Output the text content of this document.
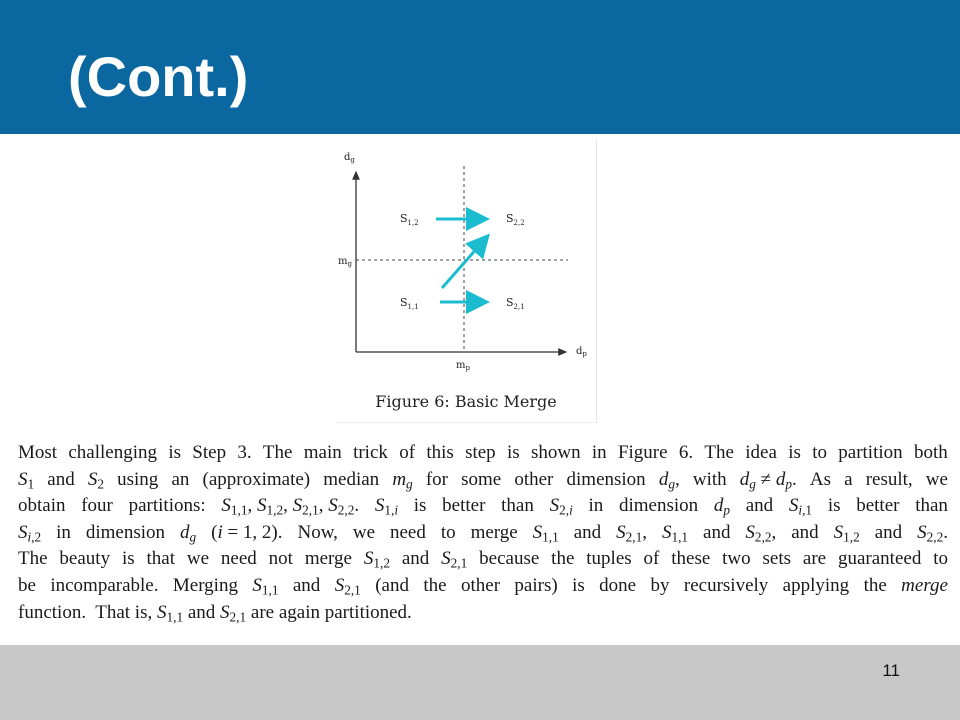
(Cont.)
$d_g$
$d_p$
$m_g$
$m_p$
$S_{1,2}$	$S_{2,2}$
$S_{1,1}$	$S_{2,1}$
Figure 6: Basic Merge
Most challenging is Step 3. The main trick of this step is shown in Figure 6. The idea is to partition both
$S_1$ and $S_2$ using an (approximate) median $m_g$ for some other dimension $d_g$, with $d_g \ne d_p$. As a result, we
obtain four partitions: $S_{1,1}$, $S_{1,2}$, $S_{2,1}$, $S_{2,2}$. $S_{1,i}$ is better than $S_{2,i}$ in dimension $d_p$ and $S_{i,1}$ is better than
$S_{i,2}$ in dimension $d_g$ (i = 1, 2). Now, we need to merge $S_{1,1}$ and $S_{2,1}$, $S_{1,1}$ and $S_{2,2}$, and $S_{1,2}$ and $S_{2,2}$.
The beauty is that we need not merge $S_{1,2}$ and $S_{2,1}$ because the tuples of these two sets are guaranteed to
be incomparable. Merging $S_{1,1}$ and $S_{2,1}$ (and the other pairs) is done by recursively applying the merge
function.  That is, $S_{1,1}$ and $S_{2,1}$ are again partitioned.
11
